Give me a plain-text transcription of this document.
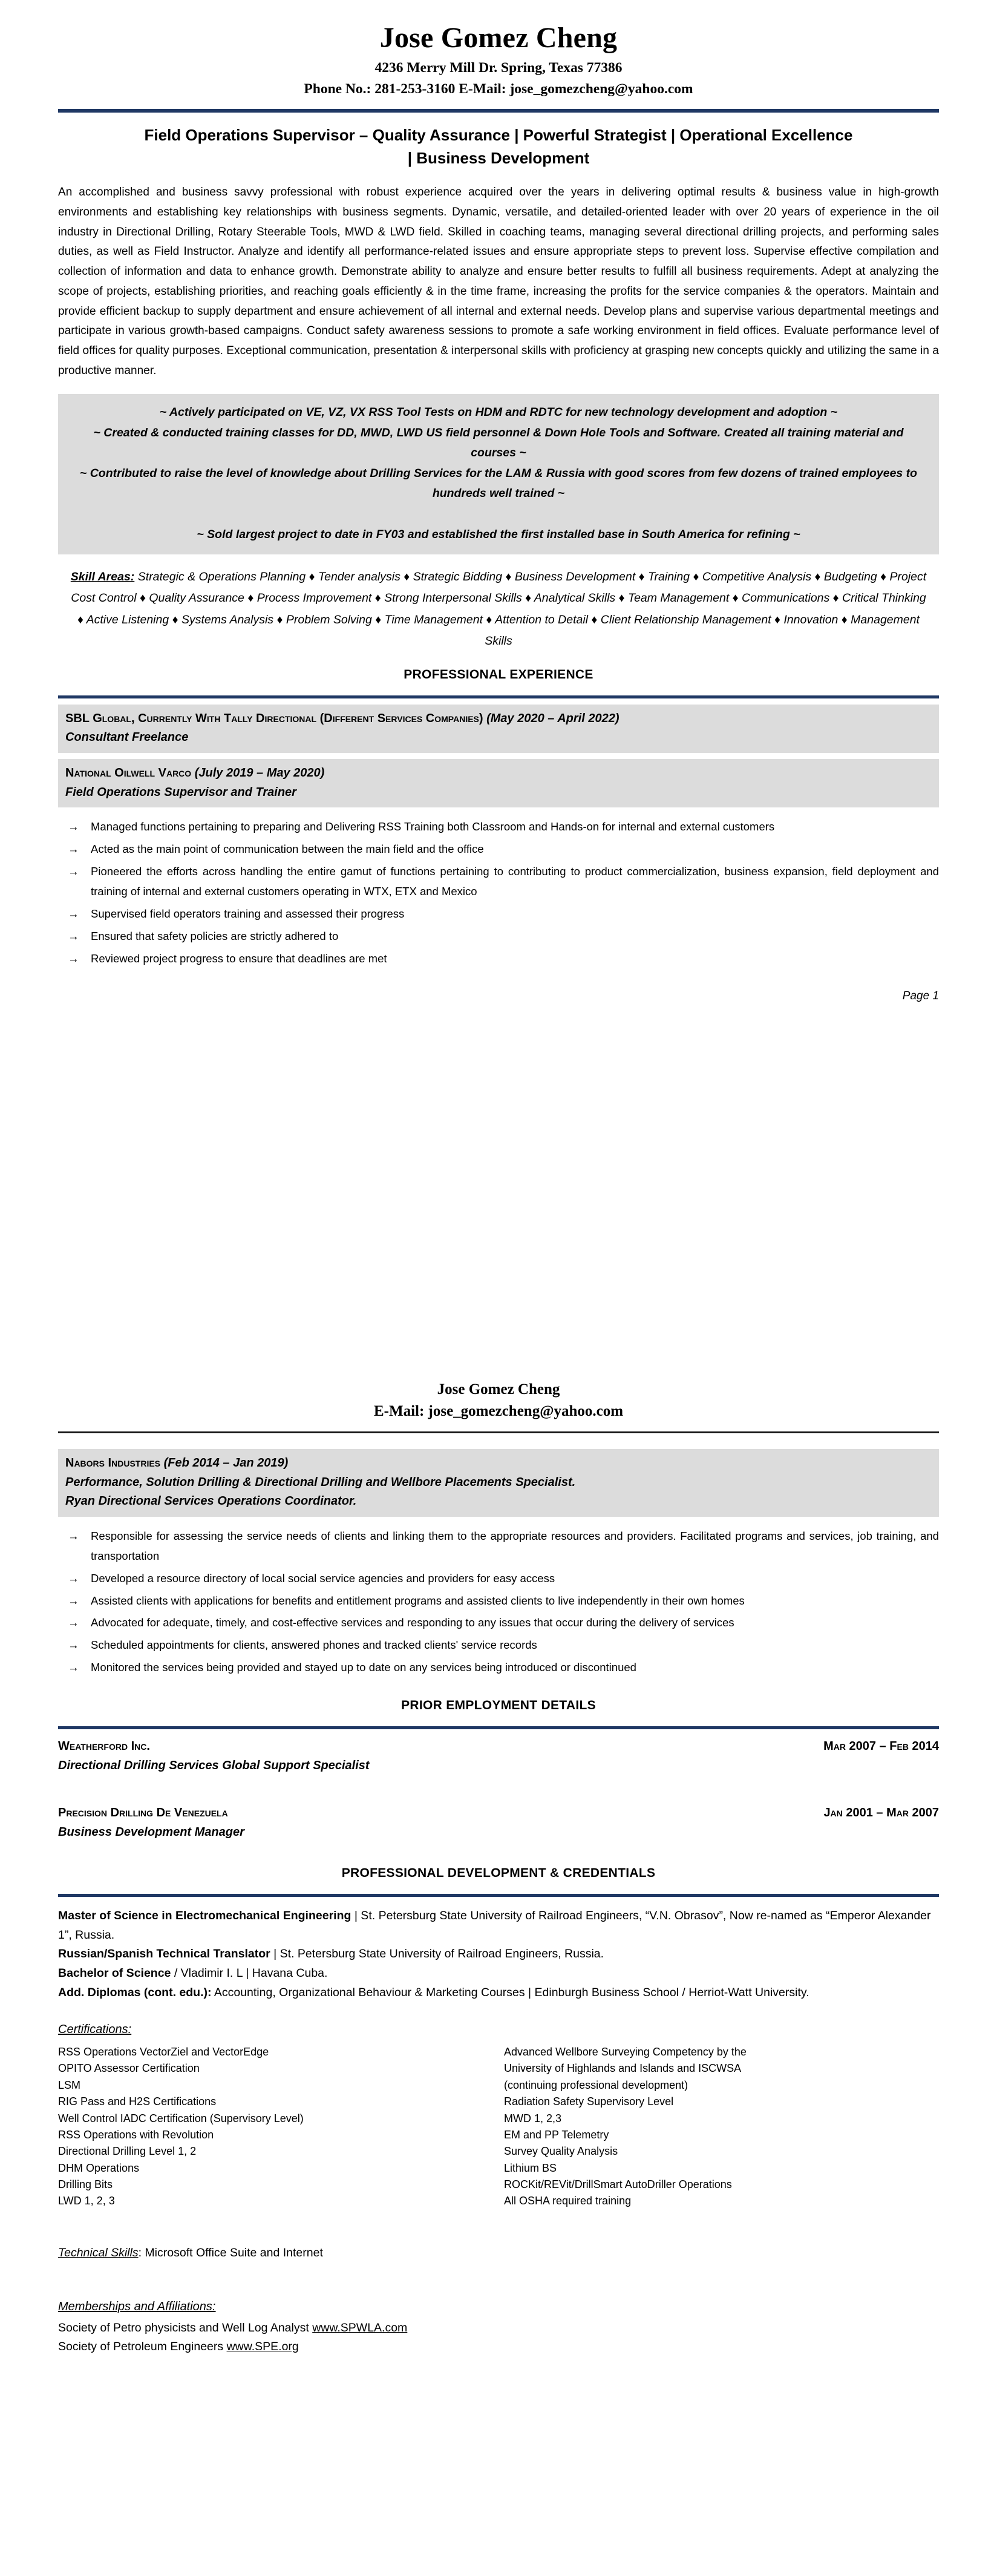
Jose Gomez Cheng
4236 Merry Mill Dr. Spring, Texas 77386
Phone No.: 281-253-3160 E-Mail: jose_gomezcheng@yahoo.com
Field Operations Supervisor – Quality Assurance | Powerful Strategist | Operational Excellence
| Business Development
An accomplished and business savvy professional with robust experience acquired over the years in delivering optimal results & business value in high-growth environments and establishing key relationships with business segments. Dynamic, versatile, and detailed-oriented leader with over 20 years of experience in the oil industry in Directional Drilling, Rotary Steerable Tools, MWD & LWD field. Skilled in coaching teams, managing several directional drilling projects, and performing sales duties, as well as Field Instructor. Analyze and identify all performance-related issues and ensure appropriate steps to prevent loss. Supervise effective compilation and collection of information and data to enhance growth. Demonstrate ability to analyze and ensure better results to fulfill all business requirements. Adept at analyzing the scope of projects, establishing priorities, and reaching goals efficiently & in the time frame, increasing the profits for the service companies & the operators. Maintain and provide efficient backup to supply department and ensure achievement of all internal and external needs. Develop plans and supervise various departmental meetings and participate in various growth-based campaigns. Conduct safety awareness sessions to promote a safe working environment in field offices. Evaluate performance level of field offices for quality purposes. Exceptional communication, presentation & interpersonal skills with proficiency at grasping new concepts quickly and utilizing the same in a productive manner.
~ Actively participated on VE, VZ, VX RSS Tool Tests on HDM and RDTC for new technology development and adoption ~
~ Created & conducted training classes for DD, MWD, LWD US field personnel & Down Hole Tools and Software. Created all training material and courses ~
~ Contributed to raise the level of knowledge about Drilling Services for the LAM & Russia with good scores from few dozens of trained employees to hundreds well trained ~
~ Sold largest project to date in FY03 and established the first installed base in South America for refining ~
Skill Areas: Strategic & Operations Planning ♦ Tender analysis ♦ Strategic Bidding ♦ Business Development ♦ Training ♦ Competitive Analysis ♦ Budgeting ♦ Project Cost Control ♦ Quality Assurance ♦ Process Improvement ♦ Strong Interpersonal Skills ♦ Analytical Skills ♦ Team Management ♦ Communications ♦ Critical Thinking ♦ Active Listening ♦ Systems Analysis ♦ Problem Solving ♦ Time Management ♦ Attention to Detail ♦ Client Relationship Management ♦ Innovation ♦ Management Skills
PROFESSIONAL EXPERIENCE
SBL Global, Currently With Tally Directional (Different Services Companies) (May 2020 – April 2022)
Consultant Freelance
National Oilwell Varco (July 2019 – May 2020)
Field Operations Supervisor and Trainer
→ Managed functions pertaining to preparing and Delivering RSS Training both Classroom and Hands-on for internal and external customers
→ Acted as the main point of communication between the main field and the office
→ Pioneered the efforts across handling the entire gamut of functions pertaining to contributing to product commercialization, business expansion, field deployment and training of internal and external customers operating in WTX, ETX and Mexico
→ Supervised field operators training and assessed their progress
→ Ensured that safety policies are strictly adhered to
→ Reviewed project progress to ensure that deadlines are met
Page 1
Jose Gomez Cheng
E-Mail: jose_gomezcheng@yahoo.com
Nabors Industries (Feb 2014 – Jan 2019)
Performance, Solution Drilling & Directional Drilling and Wellbore Placements Specialist.
Ryan Directional Services Operations Coordinator.
→ Responsible for assessing the service needs of clients and linking them to the appropriate resources and providers. Facilitated programs and services, job training, and transportation
→ Developed a resource directory of local social service agencies and providers for easy access
→ Assisted clients with applications for benefits and entitlement programs and assisted clients to live independently in their own homes
→ Advocated for adequate, timely, and cost-effective services and responding to any issues that occur during the delivery of services
→ Scheduled appointments for clients, answered phones and tracked clients' service records
→ Monitored the services being provided and stayed up to date on any services being introduced or discontinued
PRIOR EMPLOYMENT DETAILS
Weatherford Inc.	Mar 2007 – Feb 2014
Directional Drilling Services Global Support Specialist
Precision Drilling De Venezuela	Jan 2001 – Mar 2007
Business Development Manager
PROFESSIONAL DEVELOPMENT & CREDENTIALS
Master of Science in Electromechanical Engineering | St. Petersburg State University of Railroad Engineers, “V.N. Obrasov”, Now re-named as “Emperor Alexander 1”, Russia.
Russian/Spanish Technical Translator | St. Petersburg State University of Railroad Engineers, Russia.
Bachelor of Science / Vladimir I. L | Havana Cuba.
Add. Diplomas (cont. edu.): Accounting, Organizational Behaviour & Marketing Courses | Edinburgh Business School / Herriot-Watt University.
Certifications:
RSS Operations VectorZiel and VectorEdge
OPITO Assessor Certification
LSM
RIG Pass and H2S Certifications
Well Control IADC Certification (Supervisory Level)
RSS Operations with Revolution
Directional Drilling Level 1, 2
DHM Operations
Drilling Bits
LWD 1, 2, 3
Advanced Wellbore Surveying Competency by the
University of Highlands and Islands and ISCWSA
(continuing professional development)
Radiation Safety Supervisory Level
MWD 1, 2,3
EM and PP Telemetry
Survey Quality Analysis
Lithium BS
ROCKit/REVit/DrillSmart AutoDriller Operations
All OSHA required training
Technical Skills: Microsoft Office Suite and Internet
Memberships and Affiliations:
Society of Petro physicists and Well Log Analyst www.SPWLA.com
Society of Petroleum Engineers www.SPE.org
